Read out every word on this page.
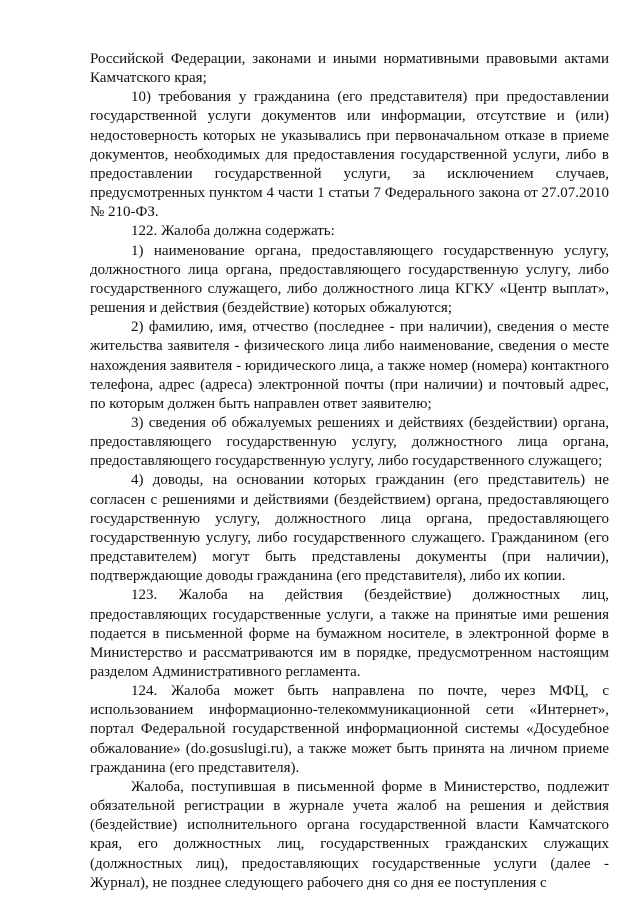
Российской Федерации, законами и иными нормативными правовыми актами Камчатского края;

10) требования у гражданина (его представителя) при предоставлении государственной услуги документов или информации, отсутствие и (или) недостоверность которых не указывались при первоначальном отказе в приеме документов, необходимых для предоставления государственной услуги, либо в предоставлении государственной услуги, за исключением случаев, предусмотренных пунктом 4 части 1 статьи 7 Федерального закона от 27.07.2010 № 210-ФЗ.

122. Жалоба должна содержать:

1) наименование органа, предоставляющего государственную услугу, должностного лица органа, предоставляющего государственную услугу, либо государственного служащего, либо должностного лица КГКУ «Центр выплат», решения и действия (бездействие) которых обжалуются;

2) фамилию, имя, отчество (последнее - при наличии), сведения о месте жительства заявителя - физического лица либо наименование, сведения о месте нахождения заявителя - юридического лица, а также номер (номера) контактного телефона, адрес (адреса) электронной почты (при наличии) и почтовый адрес, по которым должен быть направлен ответ заявителю;

3) сведения об обжалуемых решениях и действиях (бездействии) органа, предоставляющего государственную услугу, должностного лица органа, предоставляющего государственную услугу, либо государственного служащего;

4) доводы, на основании которых гражданин (его представитель) не согласен с решениями и действиями (бездействием) органа, предоставляющего государственную услугу, должностного лица органа, предоставляющего государственную услугу, либо государственного служащего. Гражданином (его представителем) могут быть представлены документы (при наличии), подтверждающие доводы гражданина (его представителя), либо их копии.

123. Жалоба на действия (бездействие) должностных лиц, предоставляющих государственные услуги, а также на принятые ими решения подается в письменной форме на бумажном носителе, в электронной форме в Министерство и рассматриваются им в порядке, предусмотренном настоящим разделом Административного регламента.

124. Жалоба может быть направлена по почте, через МФЦ, с использованием информационно-телекоммуникационной сети «Интернет», портал Федеральной государственной информационной системы «Досудебное обжалование» (do.gosuslugi.ru), а также может быть принята на личном приеме гражданина (его представителя).

Жалоба, поступившая в письменной форме в Министерство, подлежит обязательной регистрации в журнале учета жалоб на решения и действия (бездействие) исполнительного органа государственной власти Камчатского края, его должностных лиц, государственных гражданских служащих (должностных лиц), предоставляющих государственные услуги (далее - Журнал), не позднее следующего рабочего дня со дня ее поступления с
